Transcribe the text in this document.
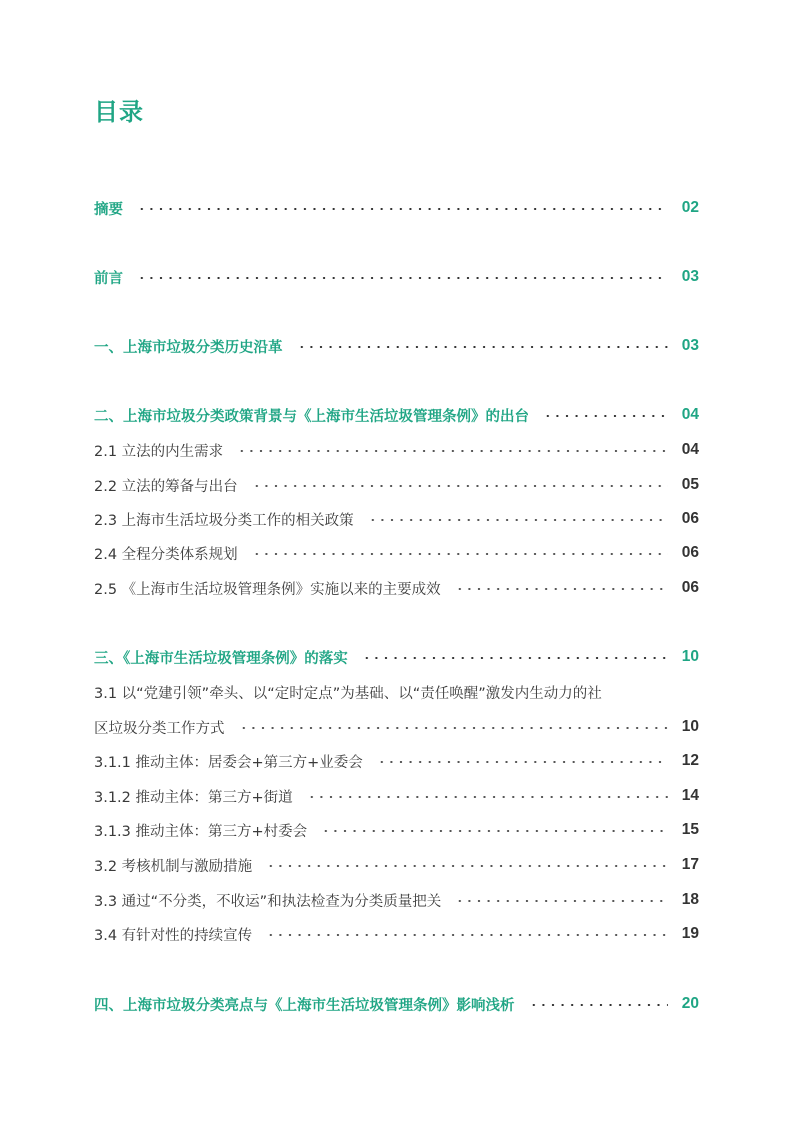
目录
摘要	02
前言	03
一、上海市垃圾分类历史沿革	03
二、上海市垃圾分类政策背景与《上海市生活垃圾管理条例》的出台	04
2.1 立法的内生需求	04
2.2 立法的筹备与出台	05
2.3 上海市生活垃圾分类工作的相关政策	06
2.4 全程分类体系规划	06
2.5 《上海市生活垃圾管理条例》实施以来的主要成效	06
三、《上海市生活垃圾管理条例》的落实	10
3.1 以“党建引领”牵头、以“定时定点”为基础、以“责任唤醒”激发内生动力的社
区垃圾分类工作方式	10
3.1.1 推动主体：居委会+第三方+业委会	12
3.1.2 推动主体：第三方+街道	14
3.1.3 推动主体：第三方+村委会	15
3.2 考核机制与激励措施	17
3.3 通过“不分类，不收运”和执法检查为分类质量把关	18
3.4 有针对性的持续宣传	19
四、上海市垃圾分类亮点与《上海市生活垃圾管理条例》影响浅析	20
